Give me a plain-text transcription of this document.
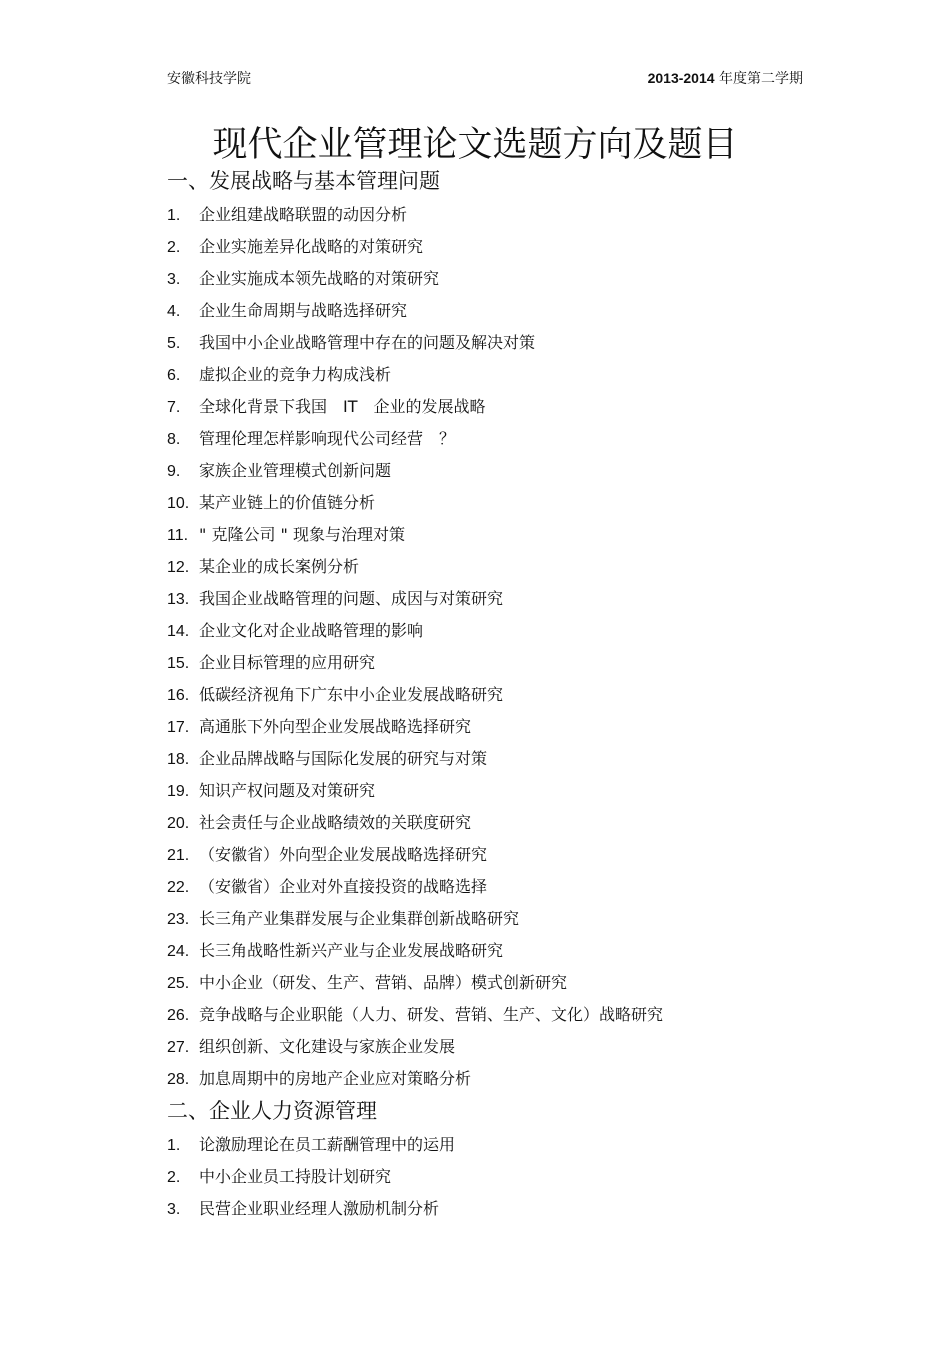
安徽科技学院	2013-2014 年度第二学期
现代企业管理论文选题方向及题目
一、发展战略与基本管理问题
1. 企业组建战略联盟的动因分析
2. 企业实施差异化战略的对策研究
3. 企业实施成本领先战略的对策研究
4. 企业生命周期与战略选择研究
5. 我国中小企业战略管理中存在的问题及解决对策
6. 虚拟企业的竞争力构成浅析
7. 全球化背景下我国　IT　企业的发展战略
8. 管理伦理怎样影响现代公司经营　？
9. 家族企业管理模式创新问题
10. 某产业链上的价值链分析
11. " 克隆公司 " 现象与治理对策
12. 某企业的成长案例分析
13. 我国企业战略管理的问题、成因与对策研究
14. 企业文化对企业战略管理的影响
15. 企业目标管理的应用研究
16. 低碳经济视角下广东中小企业发展战略研究
17. 高通胀下外向型企业发展战略选择研究
18. 企业品牌战略与国际化发展的研究与对策
19. 知识产权问题及对策研究
20. 社会责任与企业战略绩效的关联度研究
21. （安徽省）外向型企业发展战略选择研究
22. （安徽省）企业对外直接投资的战略选择
23. 长三角产业集群发展与企业集群创新战略研究
24. 长三角战略性新兴产业与企业发展战略研究
25. 中小企业（研发、生产、营销、品牌）模式创新研究
26. 竞争战略与企业职能（人力、研发、营销、生产、文化）战略研究
27. 组织创新、文化建设与家族企业发展
28. 加息周期中的房地产企业应对策略分析
二、企业人力资源管理
1. 论激励理论在员工薪酬管理中的运用
2. 中小企业员工持股计划研究
3. 民营企业职业经理人激励机制分析
